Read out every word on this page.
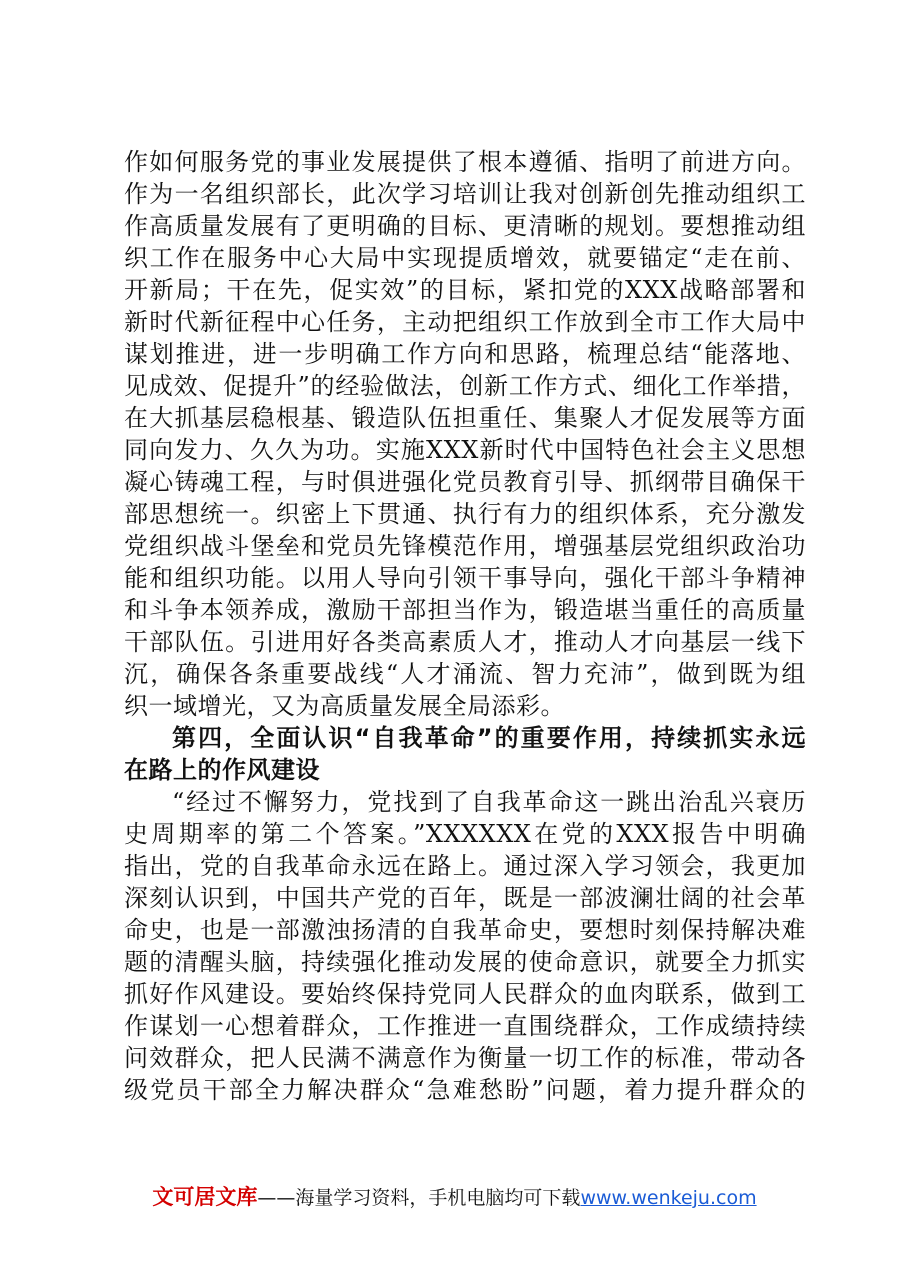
作如何服务党的事业发展提供了根本遵循、指明了前进方向。
作为一名组织部长，此次学习培训让我对创新创先推动组织工
作高质量发展有了更明确的目标、更清晰的规划。要想推动组
织工作在服务中心大局中实现提质增效，就要锚定“走在前、
开新局；干在先，促实效”的目标，紧扣党的XXX战略部署和
新时代新征程中心任务，主动把组织工作放到全市工作大局中
谋划推进，进一步明确工作方向和思路，梳理总结“能落地、
见成效、促提升”的经验做法，创新工作方式、细化工作举措，
在大抓基层稳根基、锻造队伍担重任、集聚人才促发展等方面
同向发力、久久为功。实施XXX新时代中国特色社会主义思想
凝心铸魂工程，与时俱进强化党员教育引导、抓纲带目确保干
部思想统一。织密上下贯通、执行有力的组织体系，充分激发
党组织战斗堡垒和党员先锋模范作用，增强基层党组织政治功
能和组织功能。以用人导向引领干事导向，强化干部斗争精神
和斗争本领养成，激励干部担当作为，锻造堪当重任的高质量
干部队伍。引进用好各类高素质人才，推动人才向基层一线下
沉，确保各条重要战线“人才涌流、智力充沛”，做到既为组
织一域增光，又为高质量发展全局添彩。
第四，全面认识“自我革命”的重要作用，持续抓实永远
在路上的作风建设
“经过不懈努力，党找到了自我革命这一跳出治乱兴衰历
史周期率的第二个答案。”XXXXXX在党的XXX报告中明确
指出，党的自我革命永远在路上。通过深入学习领会，我更加
深刻认识到，中国共产党的百年，既是一部波澜壮阔的社会革
命史，也是一部激浊扬清的自我革命史，要想时刻保持解决难
题的清醒头脑，持续强化推动发展的使命意识，就要全力抓实
抓好作风建设。要始终保持党同人民群众的血肉联系，做到工
作谋划一心想着群众，工作推进一直围绕群众，工作成绩持续
问效群众，把人民满不满意作为衡量一切工作的标准，带动各
级党员干部全力解决群众“急难愁盼”问题，着力提升群众的
文可居文库——海量学习资料，手机电脑均可下载www.wenkeju.com
